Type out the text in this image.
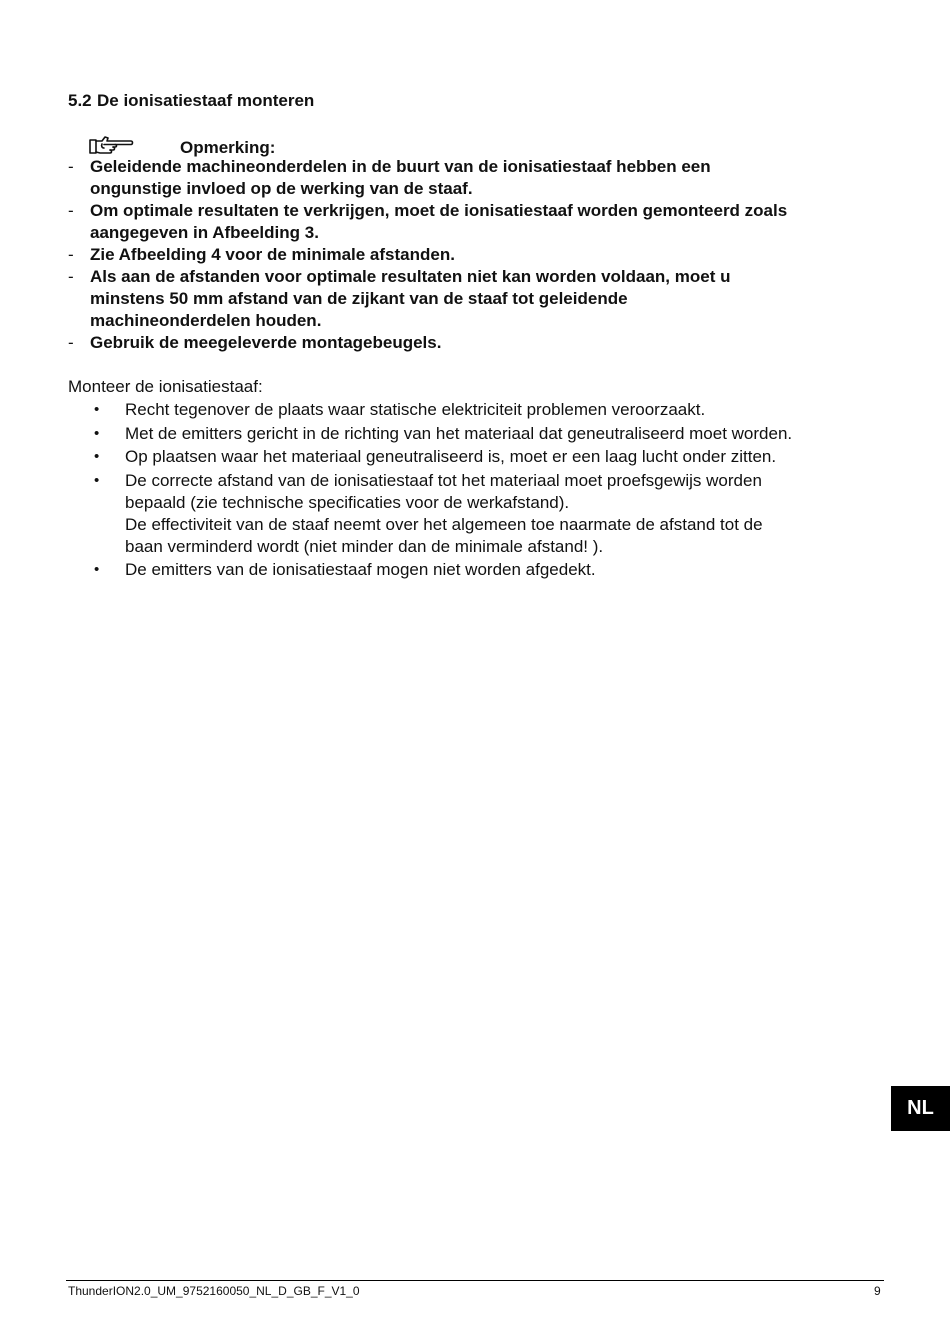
5.2 De ionisatiestaaf monteren
Opmerking:
- Geleidende machineonderdelen in de buurt van de ionisatiestaaf hebben een
ongunstige invloed op de werking van de staaf.
- Om optimale resultaten te verkrijgen, moet de ionisatiestaaf worden gemonteerd zoals
aangegeven in Afbeelding 3.
- Zie Afbeelding 4 voor de minimale afstanden.
- Als aan de afstanden voor optimale resultaten niet kan worden voldaan, moet u
minstens 50 mm afstand van de zijkant van de staaf tot geleidende
machineonderdelen houden.
- Gebruik de meegeleverde montagebeugels.

Monteer de ionisatiestaaf:

•	Recht tegenover de plaats waar statische elektriciteit problemen veroorzaakt.
•	Met de emitters gericht in de richting van het materiaal dat geneutraliseerd moet worden.
•	Op plaatsen waar het materiaal geneutraliseerd is, moet er een laag lucht onder zitten.
•	De correcte afstand van de ionisatiestaaf tot het materiaal moet proefsgewijs worden
bepaald (zie technische specificaties voor de werkafstand).
De effectiviteit van de staaf neemt over het algemeen toe naarmate de afstand tot de
baan verminderd wordt (niet minder dan de minimale afstand! ).
•	De emitters van de ionisatiestaaf mogen niet worden afgedekt.
NL
ThunderION2.0_UM_9752160050_NL_D_GB_F_V1_0	9
